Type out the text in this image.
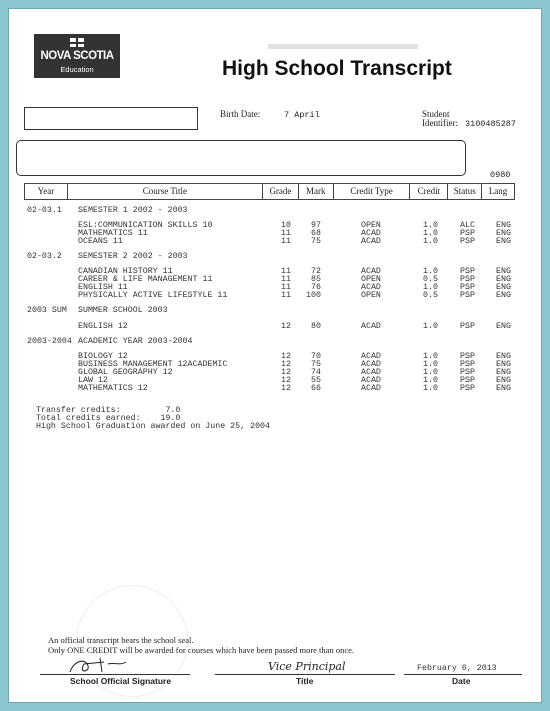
NOVA SCOTIA
Education	High School Transcript
Birth Date:	7 April	Student
Identifier: 3100485287
0980
Year	Course Title	Grade	Mark	Credit Type	Credit	Status	Lang
02-03.1 SEMESTER 1 2002 - 2003
ESL:COMMUNICATION SKILLS 10	10 97	OPEN	1.0	ALC	ENG
MATHEMATICS 11	11 68	ACAD	1.0	PSP	ENG
OCEANS 11	11 75	ACAD	1.0	PSP	ENG
02-03.2 SEMESTER 2 2002 - 2003
CANADIAN HISTORY 11	11 72	ACAD	1.0	PSP	ENG
CAREER & LIFE MANAGEMENT 11	11 85	OPEN	0.5	PSP	ENG
ENGLISH 11	11 76	ACAD	1.0	PSP	ENG
PHYSICALLY ACTIVE LIFESTYLE 11	11 100	OPEN	0.5	PSP	ENG
2003 SUM SUMMER SCHOOL 2003
ENGLISH 12	12 80	ACAD	1.0	PSP	ENG
2003-2004 ACADEMIC YEAR 2003-2004
BIOLOGY 12	12 70	ACAD	1.0	PSP	ENG
BUSINESS MANAGEMENT 12ACADEMIC	12 75	ACAD	1.0	PSP	ENG
GLOBAL GEOGRAPHY 12	12 74	ACAD	1.0	PSP	ENG
LAW 12	12 55	ACAD	1.0	PSP	ENG
MATHEMATICS 12	12 66	ACAD	1.0	PSP	ENG
Transfer credits:         7.0
Total credits earned:    19.0
High School Graduation awarded on June 25, 2004
An official transcript bears the school seal.
Only ONE CREDIT will be awarded for courses which have been passed more than once.
School Official Signature
Vice Principal
Title
February 6, 2013
Date
